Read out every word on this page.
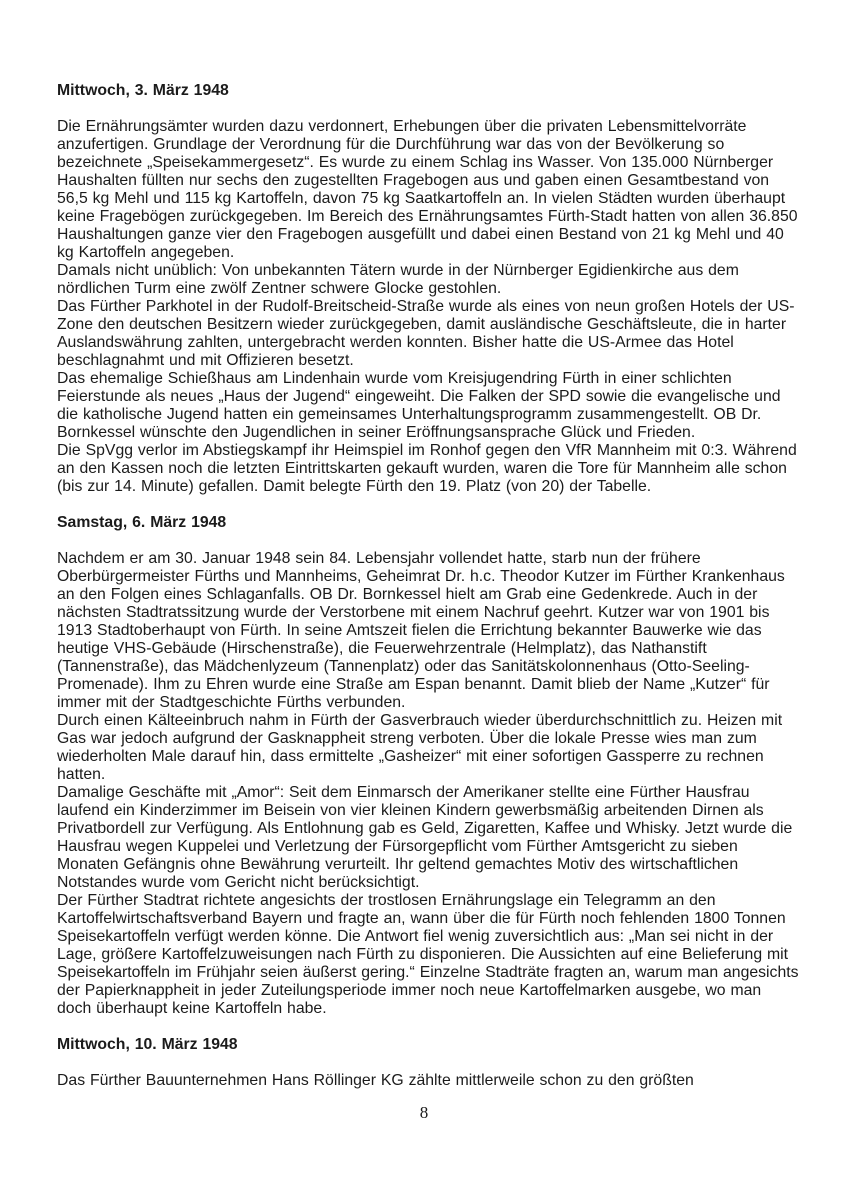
Mittwoch, 3. März 1948

Die Ernährungsämter wurden dazu verdonnert, Erhebungen über die privaten Lebensmittelvorräte anzufertigen. Grundlage der Verordnung für die Durchführung war das von der Bevölkerung so bezeichnete „Speisekammergesetz“. Es wurde zu einem Schlag ins Wasser. Von 135.000 Nürnberger Haushalten füllten nur sechs den zugestellten Fragebogen aus und gaben einen Gesamtbestand von 56,5 kg Mehl und 115 kg Kartoffeln, davon 75 kg Saatkartoffeln an. In vielen Städten wurden überhaupt keine Fragebögen zurückgegeben. Im Bereich des Ernährungsamtes Fürth-Stadt hatten von allen 36.850 Haushaltungen ganze vier den Fragebogen ausgefüllt und dabei einen Bestand von 21 kg Mehl und 40 kg Kartoffeln angegeben.

Damals nicht unüblich: Von unbekannten Tätern wurde in der Nürnberger Egidienkirche aus dem nördlichen Turm eine zwölf Zentner schwere Glocke gestohlen.

Das Fürther Parkhotel in der Rudolf-Breitscheid-Straße wurde als eines von neun großen Hotels der US-Zone den deutschen Besitzern wieder zurückgegeben, damit ausländische Geschäftsleute, die in harter Auslandswährung zahlten, untergebracht werden konnten. Bisher hatte die US-Armee das Hotel beschlagnahmt und mit Offizieren besetzt.

Das ehemalige Schießhaus am Lindenhain wurde vom Kreisjugendring Fürth in einer schlichten Feierstunde als neues „Haus der Jugend“ eingeweiht. Die Falken der SPD sowie die evangelische und die katholische Jugend hatten ein gemeinsames Unterhaltungsprogramm zusammengestellt. OB Dr. Bornkessel wünschte den Jugendlichen in seiner Eröffnungsansprache Glück und Frieden.

Die SpVgg verlor im Abstiegskampf ihr Heimspiel im Ronhof gegen den VfR Mannheim mit 0:3. Während an den Kassen noch die letzten Eintrittskarten gekauft wurden, waren die Tore für Mannheim alle schon (bis zur 14. Minute) gefallen. Damit belegte Fürth den 19. Platz (von 20) der Tabelle.

Samstag, 6. März 1948

Nachdem er am 30. Januar 1948 sein 84. Lebensjahr vollendet hatte, starb nun der frühere Oberbürgermeister Fürths und Mannheims, Geheimrat Dr. h.c. Theodor Kutzer im Fürther Krankenhaus an den Folgen eines Schlaganfalls. OB Dr. Bornkessel hielt am Grab eine Gedenkrede. Auch in der nächsten Stadtratssitzung wurde der Verstorbene mit einem Nachruf geehrt. Kutzer war von 1901 bis 1913 Stadtoberhaupt von Fürth. In seine Amtszeit fielen die Errichtung bekannter Bauwerke wie das heutige VHS-Gebäude (Hirschenstraße), die Feuerwehrzentrale (Helmplatz), das Nathanstift (Tannenstraße), das Mädchenlyzeum (Tannenplatz) oder das Sanitätskolonnenhaus (Otto-Seeling-Promenade). Ihm zu Ehren wurde eine Straße am Espan benannt. Damit blieb der Name „Kutzer“ für immer mit der Stadtgeschichte Fürths verbunden.

Durch einen Kälteeinbruch nahm in Fürth der Gasverbrauch wieder überdurchschnittlich zu. Heizen mit Gas war jedoch aufgrund der Gasknappheit streng verboten. Über die lokale Presse wies man zum wiederholten Male darauf hin, dass ermittelte „Gasheizer“ mit einer sofortigen Gassperre zu rechnen hatten.

Damalige Geschäfte mit „Amor“: Seit dem Einmarsch der Amerikaner stellte eine Fürther Hausfrau laufend ein Kinderzimmer im Beisein von vier kleinen Kindern gewerbsmäßig arbeitenden Dirnen als Privatbordell zur Verfügung. Als Entlohnung gab es Geld, Zigaretten, Kaffee und Whisky. Jetzt wurde die Hausfrau wegen Kuppelei und Verletzung der Fürsorgepflicht vom Fürther Amtsgericht zu sieben Monaten Gefängnis ohne Bewährung verurteilt. Ihr geltend gemachtes Motiv des wirtschaftlichen Notstandes wurde vom Gericht nicht berücksichtigt.

Der Fürther Stadtrat richtete angesichts der trostlosen Ernährungslage ein Telegramm an den Kartoffelwirtschaftsverband Bayern und fragte an, wann über die für Fürth noch fehlenden 1800 Tonnen Speisekartoffeln verfügt werden könne. Die Antwort fiel wenig zuversichtlich aus: „Man sei nicht in der Lage, größere Kartoffelzuweisungen nach Fürth zu disponieren. Die Aussichten auf eine Belieferung mit Speisekartoffeln im Frühjahr seien äußerst gering.“ Einzelne Stadträte fragten an, warum man angesichts der Papierknappheit in jeder Zuteilungsperiode immer noch neue Kartoffelmarken ausgebe, wo man doch überhaupt keine Kartoffeln habe.

Mittwoch, 10. März 1948

Das Fürther Bauunternehmen Hans Röllinger KG zählte mittlerweile schon zu den größten

8
